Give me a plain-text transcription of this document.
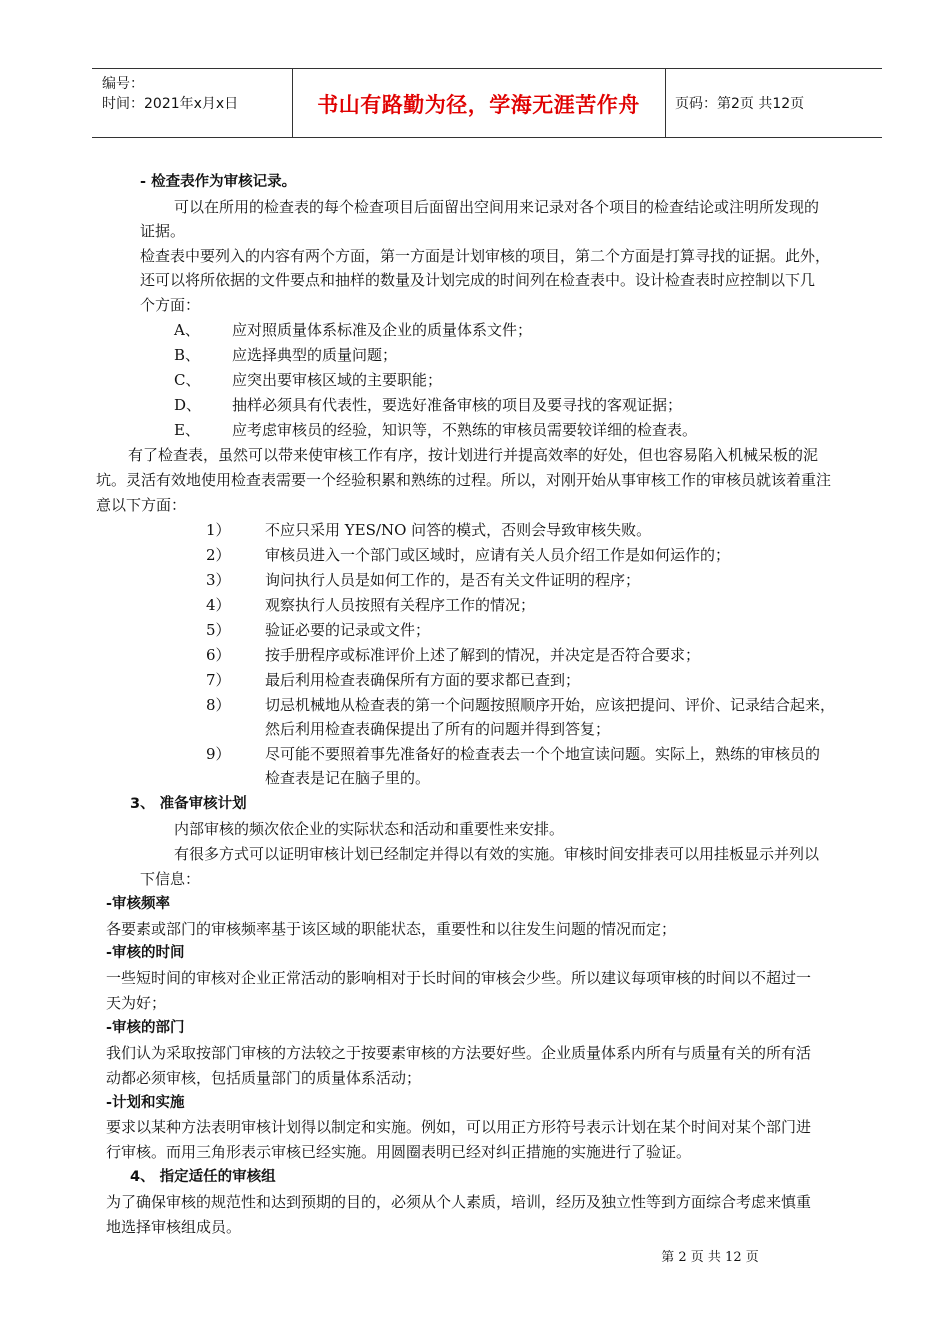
编号：
时间：2021年x月x日	书山有路勤为径，学海无涯苦作舟	页码：第2页 共12页
- 检查表作为审核记录。
可以在所用的检查表的每个检查项目后面留出空间用来记录对各个项目的检查结论或注明所发现的
证据。
检查表中要列入的内容有两个方面，第一方面是计划审核的项目，第二个方面是打算寻找的证据。此外，
还可以将所依据的文件要点和抽样的数量及计划完成的时间列在检查表中。设计检查表时应控制以下几
个方面：
A、 应对照质量体系标准及企业的质量体系文件；
B、 应选择典型的质量问题；
C、 应突出要审核区域的主要职能；
D、 抽样必须具有代表性，要选好准备审核的项目及要寻找的客观证据；
E、 应考虑审核员的经验，知识等，不熟练的审核员需要较详细的检查表。
有了检查表，虽然可以带来使审核工作有序，按计划进行并提高效率的好处，但也容易陷入机械呆板的泥
坑。灵活有效地使用检查表需要一个经验积累和熟练的过程。所以，对刚开始从事审核工作的审核员就该着重注
意以下方面：
1） 不应只采用 YES/NO 问答的模式，否则会导致审核失败。
2） 审核员进入一个部门或区域时，应请有关人员介绍工作是如何运作的；
3） 询问执行人员是如何工作的，是否有关文件证明的程序；
4） 观察执行人员按照有关程序工作的情况；
5） 验证必要的记录或文件；
6） 按手册程序或标准评价上述了解到的情况，并决定是否符合要求；
7） 最后利用检查表确保所有方面的要求都已查到；
8） 切忌机械地从检查表的第一个问题按照顺序开始，应该把提问、评价、记录结合起来，
然后利用检查表确保提出了所有的问题并得到答复；
9） 尽可能不要照着事先准备好的检查表去一个个地宣读问题。实际上，熟练的审核员的
检查表是记在脑子里的。
3、 准备审核计划
内部审核的频次依企业的实际状态和活动和重要性来安排。
有很多方式可以证明审核计划已经制定并得以有效的实施。审核时间安排表可以用挂板显示并列以
下信息：
-审核频率
各要素或部门的审核频率基于该区域的职能状态，重要性和以往发生问题的情况而定；
-审核的时间
一些短时间的审核对企业正常活动的影响相对于长时间的审核会少些。所以建议每项审核的时间以不超过一
天为好；
-审核的部门
我们认为采取按部门审核的方法较之于按要素审核的方法要好些。企业质量体系内所有与质量有关的所有活
动都必须审核，包括质量部门的质量体系活动；
-计划和实施
要求以某种方法表明审核计划得以制定和实施。例如，可以用正方形符号表示计划在某个时间对某个部门进
行审核。而用三角形表示审核已经实施。用圆圈表明已经对纠正措施的实施进行了验证。
4、 指定适任的审核组
为了确保审核的规范性和达到预期的目的，必须从个人素质，培训，经历及独立性等到方面综合考虑来慎重
地选择审核组成员。
第 2 页 共 12 页
